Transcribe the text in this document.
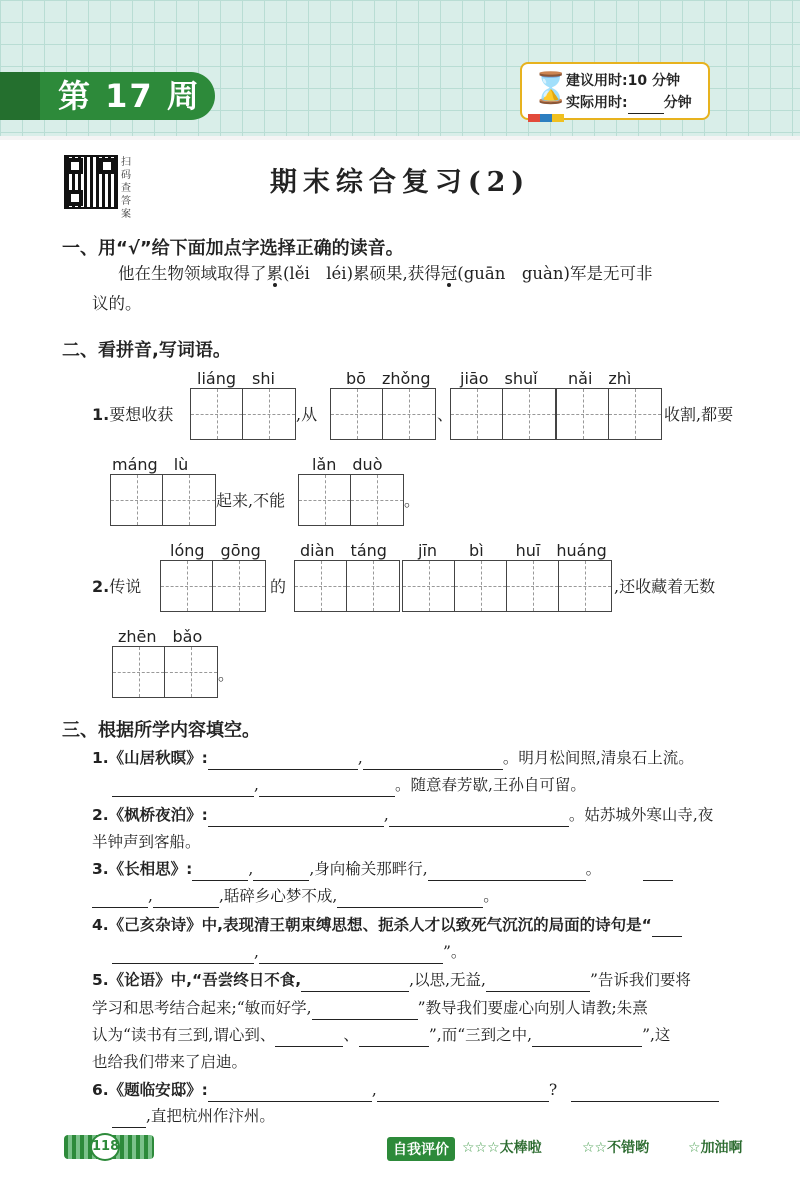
第 17 周	⌛
建议用时:10 分钟
实际用时:	分钟
扫码查答案
期末综合复习(2)
一、用“√”给下面加点字选择正确的读音。
他在生物领域取得了累(lěi　léi)累硕果,获得冠(guān　guàn)军是无可非
议的。
二、看拼音,写词语。
liáng　shi	bō　zhǒng jiāo　shuǐ nǎi　zhì
1.要想收获	,从	、	收割,都要
máng　lù	lǎn　duò
起来,不能	。
lóng　gōng diàn　táng jīn　　bì　　huī　huáng
2.传说	的	,还收藏着无数
zhēn　bǎo
。
三、根据所学内容填空。
1.《山居秋暝》:	,	。明月松间照,清泉石上流。
,	。随意春芳歇,王孙自可留。
2.《枫桥夜泊》:	,	。姑苏城外寒山寺,夜
半钟声到客船。
3.《长相思》:	,	,身向榆关那畔行,	。
,	,聒碎乡心梦不成,	。
4.《己亥杂诗》中,表现清王朝束缚思想、扼杀人才以致死气沉沉的局面的诗句是“
,	”。
5.《论语》中,“吾尝终日不食,	,以思,无益,	”告诉我们要将
学习和思考结合起来;“敏而好学,	”教导我们要虚心向别人请教;朱熹
认为“读书有三到,谓心到、	、	”,而“三到之中,	”,这
也给我们带来了启迪。
6.《题临安邸》:	,	?
,直把杭州作汴州。
118	自我评价 ☆☆☆太棒啦	☆☆不错哟	☆加油啊
